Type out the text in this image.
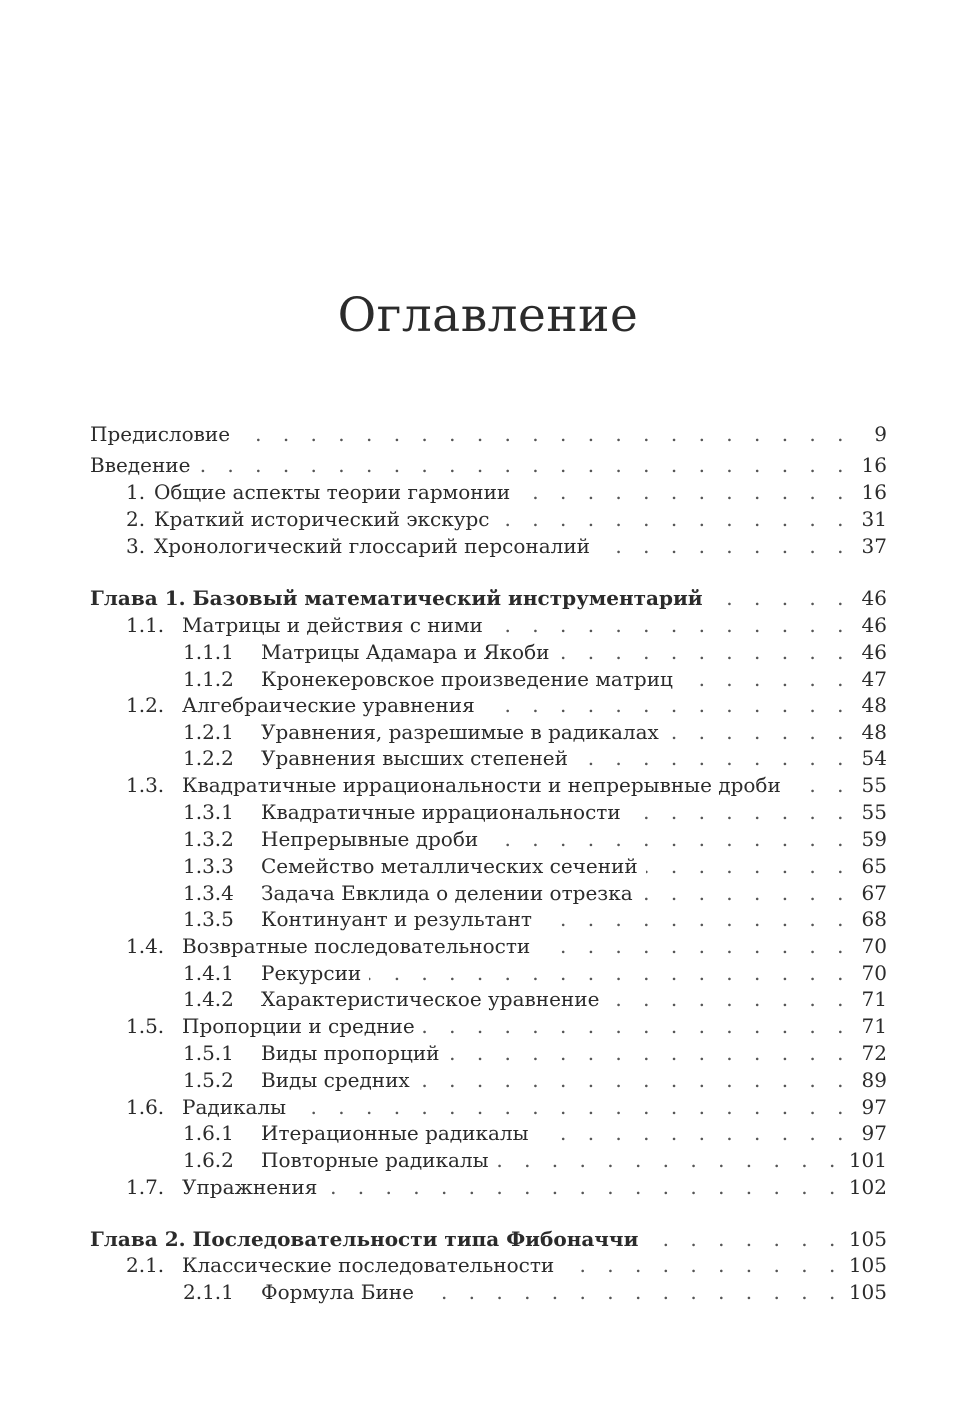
Оглавление
Предисловие . . .	9
Введение . . .	16
1. Общие аспекты теории гармонии . . .	16
2. Краткий исторический экскурс . . .	31
3. Хронологический глоссарий персоналий . . .	37
Глава 1. Базовый математический инструментарий . . .	46
1.1. Матрицы и действия с ними . . .	46
1.1.1	Матрицы Адамара и Якоби . . .	46
1.1.2	Кронекеровское произведение матриц . . .	47
1.2. Алгебраические уравнения . . .	48
1.2.1	Уравнения, разрешимые в радикалах . . .	48
1.2.2	Уравнения высших степеней . . .	54
1.3. Квадратичные иррациональности и непрерывные дроби . . .	55
1.3.1	Квадратичные иррациональности . . .	55
1.3.2	Непрерывные дроби . . .	59
1.3.3	Семейство металлических сечений . . .	65
1.3.4	Задача Евклида о делении отрезка . . .	67
1.3.5	Континуант и результант . . .	68
1.4. Возвратные последовательности . . .	70
1.4.1	Рекурсии . . .	70
1.4.2	Характеристическое уравнение . . .	71
1.5. Пропорции и средние . . .	71
1.5.1	Виды пропорций . . .	72
1.5.2	Виды средних . . .	89
1.6. Радикалы . . .	97
1.6.1	Итерационные радикалы . . .	97
1.6.2	Повторные радикалы . . .	101
1.7. Упражнения . . .	102
Глава 2. Последовательности типа Фибоначчи . . .	105
2.1. Классические последовательности . . .	105
2.1.1	Формула Бине . . .	105
